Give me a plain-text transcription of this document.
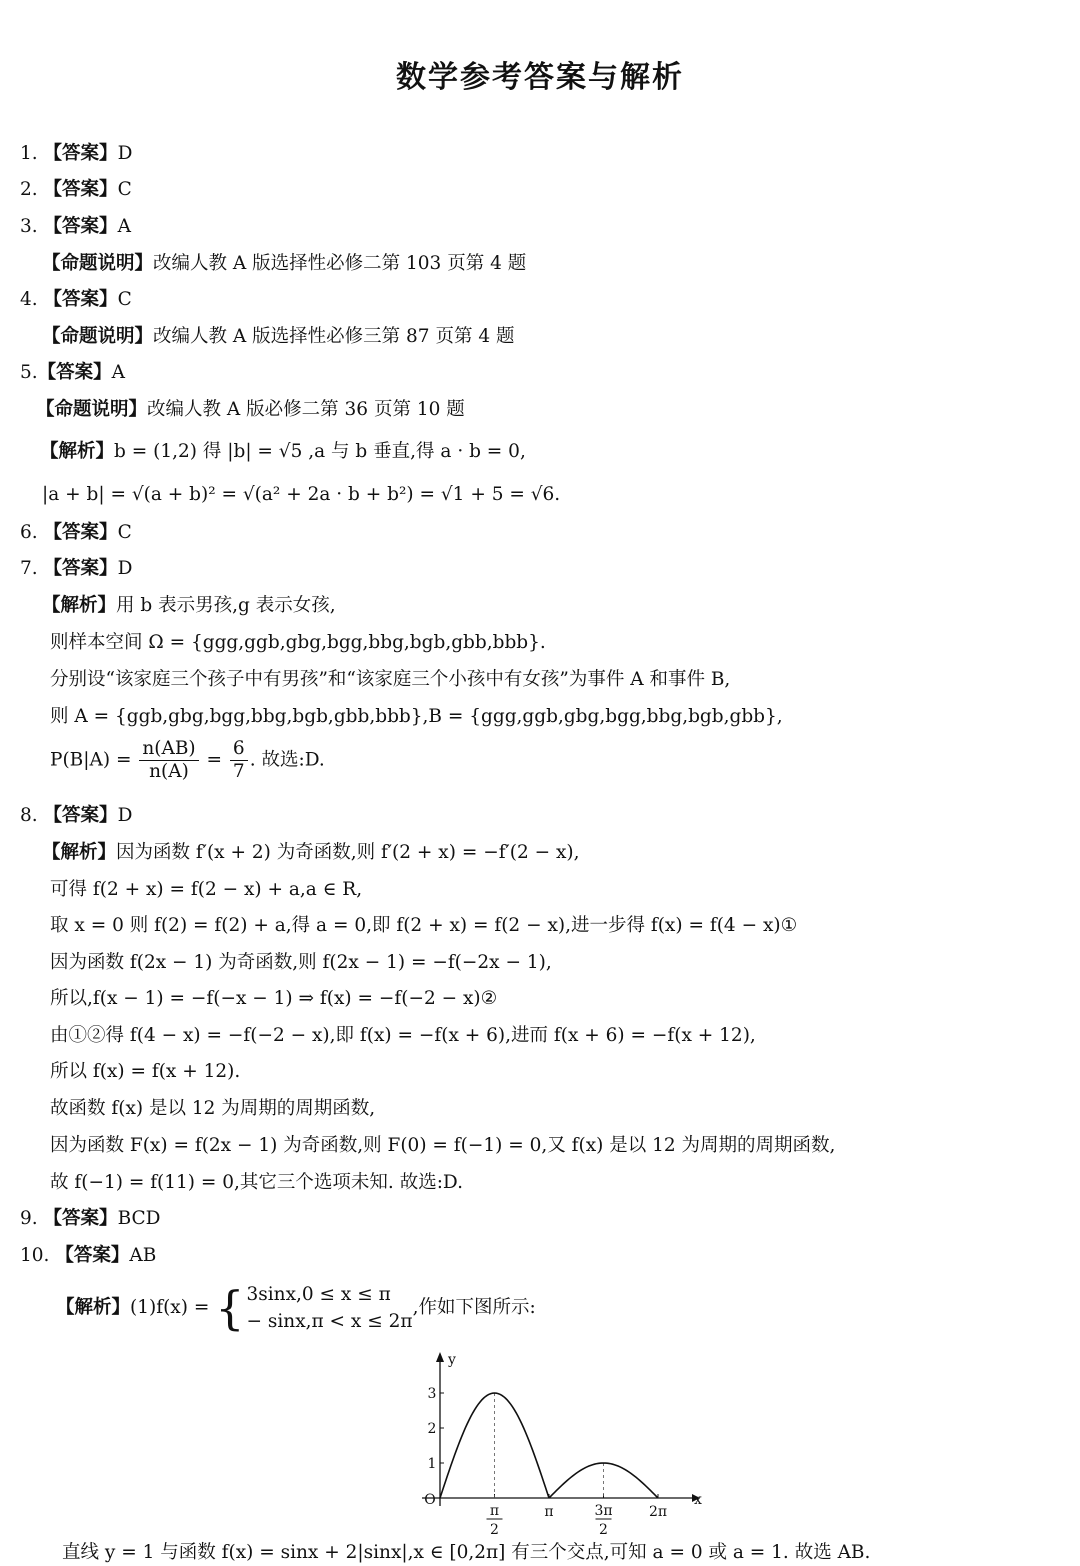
数学参考答案与解析
1. 【答案】D
2. 【答案】C
3. 【答案】A
【命题说明】改编人教 A 版选择性必修二第 103 页第 4 题
4. 【答案】C
【命题说明】改编人教 A 版选择性必修三第 87 页第 4 题
5.【答案】A
【命题说明】改编人教 A 版必修二第 36 页第 10 题
【解析】b = (1,2) 得 |b| = √5 ,a 与 b 垂直,得 a · b = 0,
|a + b| = √(a + b)² = √(a² + 2a · b + b²) = √1 + 5 = √6.
6. 【答案】C
7. 【答案】D
【解析】用 b 表示男孩,g 表示女孩,
则样本空间 Ω = {ggg,ggb,gbg,bgg,bbg,bgb,gbb,bbb}.
分别设“该家庭三个孩子中有男孩”和“该家庭三个小孩中有女孩”为事件 A 和事件 B,
则 A = {ggb,gbg,bgg,bbg,bgb,gbb,bbb},B = {ggg,ggb,gbg,bgg,bbg,bgb,gbb},
$P(B|A) = \frac{n(AB)}{n(A)} = \frac{6}{7}$ . 故选:D.
8. 【答案】D
【解析】因为函数 f′(x + 2) 为奇函数,则 f′(2 + x) = −f′(2 − x),
可得 f(2 + x) = f(2 − x) + a,a ∈ R,
取 x = 0 则 f(2) = f(2) + a,得 a = 0,即 f(2 + x) = f(2 − x),进一步得 f(x) = f(4 − x)①
因为函数 f(2x − 1) 为奇函数,则 f(2x − 1) = −f(−2x − 1),
所以,f(x − 1) = −f(−x − 1) ⇒ f(x) = −f(−2 − x)②
由①②得 f(4 − x) = −f(−2 − x),即 f(x) = −f(x + 6),进而 f(x + 6) = −f(x + 12),
所以 f(x) = f(x + 12).
故函数 f(x) 是以 12 为周期的周期函数,
因为函数 F(x) = f(2x − 1) 为奇函数,则 F(0) = f(−1) = 0,又 f(x) 是以 12 为周期的周期函数,
故 f(−1) = f(11) = 0,其它三个选项未知. 故选:D.
9. 【答案】BCD
10. 【答案】AB
【解析】(1)f(x) = { 3sinx,0 ≤ x ≤ π
− sinx,π < x ≤ 2π
,作如下图所示:
直线 y = 1 与函数 f(x) = sinx + 2|sinx|,x ∈ [0,2π] 有三个交点,可知 a = 0 或 a = 1. 故选 AB.
y
x
O
1
2
3
π
2
π	3π
2
2π
